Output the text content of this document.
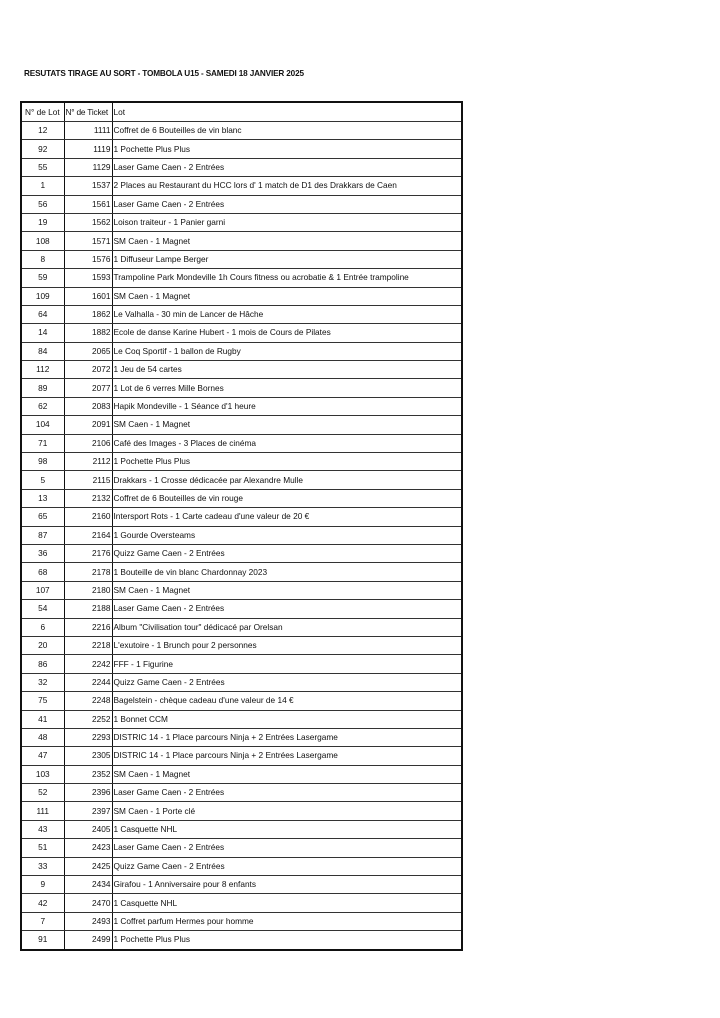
RESUTATS TIRAGE AU SORT - TOMBOLA U15 - SAMEDI 18 JANVIER 2025
N° de Lot	N° de Ticket	Lot
12	1111	Coffret de 6 Bouteilles de vin blanc
92	1119	1 Pochette Plus Plus
55	1129	Laser Game Caen - 2 Entrées
1	1537	2 Places au Restaurant du HCC lors d' 1 match de D1 des Drakkars de Caen
56	1561	Laser Game Caen - 2 Entrées
19	1562	Loison traiteur - 1 Panier garni
108	1571	SM Caen - 1 Magnet
8	1576	1 Diffuseur Lampe Berger
59	1593	Trampoline Park Mondeville 1h Cours fitness ou acrobatie & 1 Entrée trampoline
109	1601	SM Caen - 1 Magnet
64	1862	Le Valhalla - 30 min de Lancer de Hâche
14	1882	Ecole de danse Karine Hubert - 1 mois de Cours de Pilates
84	2065	Le Coq Sportif - 1 ballon de Rugby
112	2072	1 Jeu de 54 cartes
89	2077	1 Lot de 6 verres Mille Bornes
62	2083	Hapik Mondeville - 1 Séance d'1 heure
104	2091	SM Caen - 1 Magnet
71	2106	Café des Images - 3 Places de cinéma
98	2112	1 Pochette Plus Plus
5	2115	Drakkars - 1 Crosse dédicacée par Alexandre Mulle
13	2132	Coffret de 6 Bouteilles de vin rouge
65	2160	Intersport Rots - 1 Carte cadeau d'une valeur de 20 €
87	2164	1 Gourde Oversteams
36	2176	Quizz Game Caen - 2 Entrées
68	2178	1 Bouteille de vin blanc Chardonnay 2023
107	2180	SM Caen - 1 Magnet
54	2188	Laser Game Caen - 2 Entrées
6	2216	Album "Civilisation tour" dédicacé par Orelsan
20	2218	L'exutoire - 1 Brunch pour 2 personnes
86	2242	FFF - 1 Figurine
32	2244	Quizz Game Caen - 2 Entrées
75	2248	Bagelstein - chèque cadeau d'une valeur de 14 €
41	2252	1 Bonnet CCM
48	2293	DISTRIC 14 - 1 Place parcours Ninja + 2 Entrées Lasergame
47	2305	DISTRIC 14 - 1 Place parcours Ninja + 2 Entrées Lasergame
103	2352	SM Caen - 1 Magnet
52	2396	Laser Game Caen - 2 Entrées
111	2397	SM Caen - 1 Porte clé
43	2405	1 Casquette NHL
51	2423	Laser Game Caen - 2 Entrées
33	2425	Quizz Game Caen - 2 Entrées
9	2434	Girafou - 1 Anniversaire pour 8 enfants
42	2470	1 Casquette NHL
7	2493	1 Coffret parfum Hermes pour homme
91	2499	1 Pochette Plus Plus
